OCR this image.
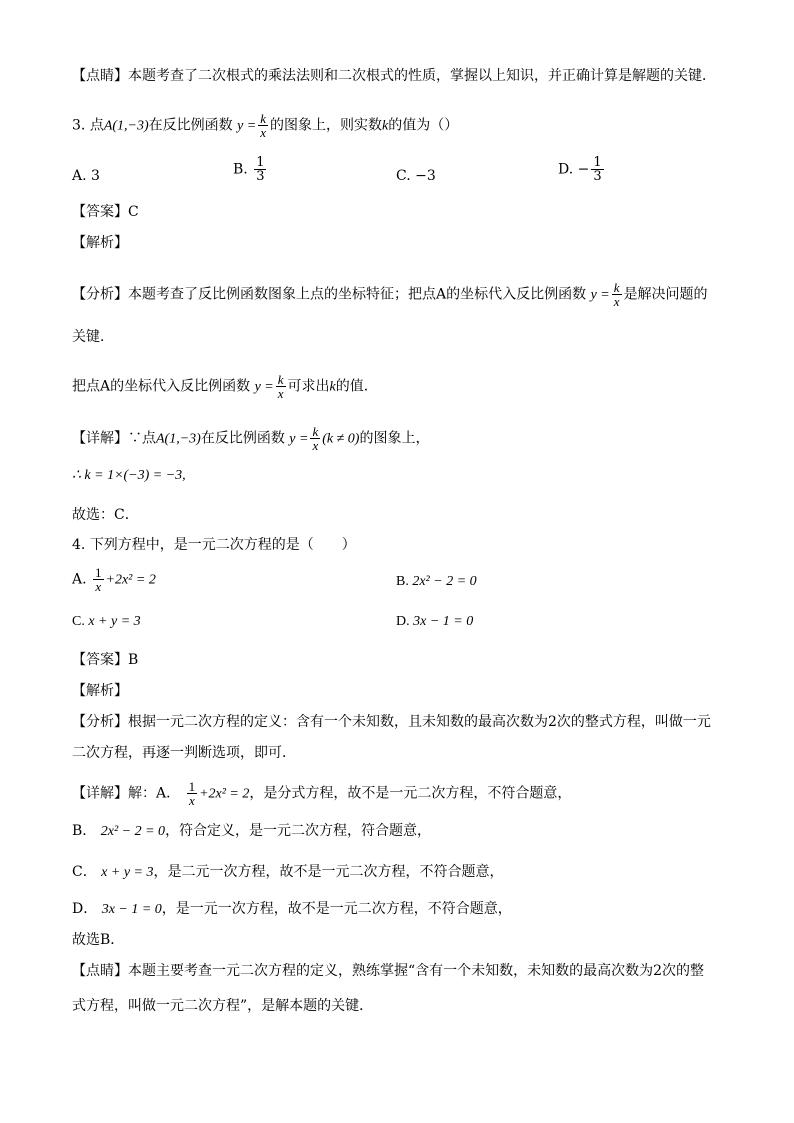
【点睛】本题考查了二次根式的乘法法则和二次根式的性质，掌握以上知识，并正确计算是解题的关键．
3. 点A(1,−3)在反比例函数 $y = \frac{k}{x}$ 的图象上，则实数k的值为（）
A. 3	B. $\frac{1}{3}$	C. −3	D. − $\frac{1}{3}$
【答案】C
【解析】
【分析】本题考查了反比例函数图象上点的坐标特征；把点A的坐标代入反比例函数 $y = \frac{k}{x}$ 是解决问题的
关键．
把点A的坐标代入反比例函数 $y = \frac{k}{x}$ 可求出k的值．
【详解】∵点A(1,−3)在反比例函数 $y = \frac{k}{x} (k \ne 0)$的图象上，
∴ k = 1×(−3) = −3,
故选：C．
4. 下列方程中，是一元二次方程的是（　　）
A. $\frac{1}{x} +2x^2 = 2$	B. 2x² − 2 = 0
C. x + y = 3	D. 3x − 1 = 0
【答案】B
【解析】
【分析】根据一元二次方程的定义：含有一个未知数，且未知数的最高次数为2次的整式方程，叫做一元
二次方程，再逐一判断选项，即可．
【详解】解：A． $\frac{1}{x} +2x^2 = 2$，是分式方程，故不是一元二次方程，不符合题意，
B． 2x² − 2 = 0，符合定义，是一元二次方程，符合题意，
C． x + y = 3，是二元一次方程，故不是一元二次方程，不符合题意，
D． 3x − 1 = 0，是一元一次方程，故不是一元二次方程，不符合题意，
故选B．
【点睛】本题主要考查一元二次方程的定义，熟练掌握“含有一个未知数，未知数的最高次数为2次的整
式方程，叫做一元二次方程”，是解本题的关键．
